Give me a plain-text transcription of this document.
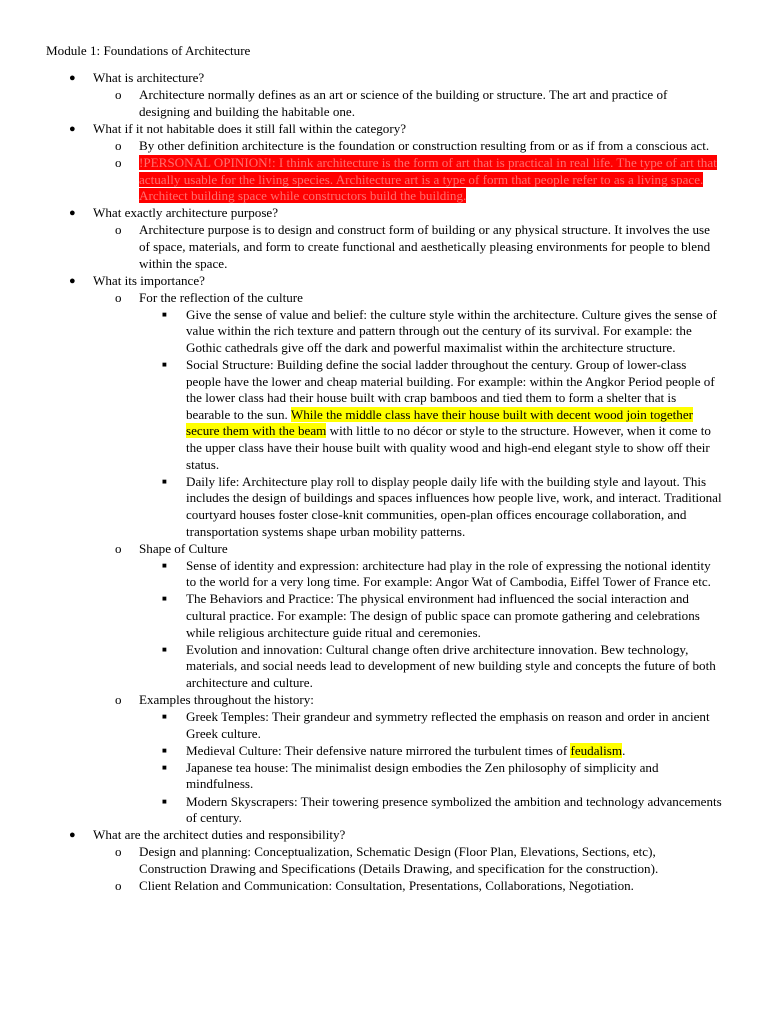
Module 1: Foundations of Architecture
● What is architecture?
o Architecture normally defines as an art or science of the building or structure. The art and practice of designing and building the habitable one.
● What if it not habitable does it still fall within the category?
o By other definition architecture is the foundation or construction resulting from or as if from a conscious act.
o !PERSONAL OPINION!: I think architecture is the form of art that is practical in real life. The type of art that actually usable for the living species. Architecture art is a type of form that people refer to as a living space. Architect building space while constructors build the building.
● What exactly architecture purpose?
o Architecture purpose is to design and construct form of building or any physical structure. It involves the use of space, materials, and form to create functional and aesthetically pleasing environments for people to blend within the space.
● What its importance?
o For the reflection of the culture
■ Give the sense of value and belief: the culture style within the architecture. Culture gives the sense of value within the rich texture and pattern through out the century of its survival. For example: the Gothic cathedrals give off the dark and powerful maximalist within the architecture structure.
■ Social Structure: Building define the social ladder throughout the century. Group of lower-class people have the lower and cheap material building. For example: within the Angkor Period people of the lower class had their house built with crap bamboos and tied them to form a shelter that is bearable to the sun. While the middle class have their house built with decent wood join together secure them with the beam with little to no décor or style to the structure. However, when it come to the upper class have their house built with quality wood and high-end elegant style to show off their status.
■ Daily life: Architecture play roll to display people daily life with the building style and layout. This includes the design of buildings and spaces influences how people live, work, and interact. Traditional courtyard houses foster close-knit communities, open-plan offices encourage collaboration, and transportation systems shape urban mobility patterns.
o Shape of Culture
■ Sense of identity and expression: architecture had play in the role of expressing the notional identity to the world for a very long time. For example: Angor Wat of Cambodia, Eiffel Tower of France etc.
■ The Behaviors and Practice: The physical environment had influenced the social interaction and cultural practice. For example: The design of public space can promote gathering and celebrations while religious architecture guide ritual and ceremonies.
■ Evolution and innovation: Cultural change often drive architecture innovation. Bew technology, materials, and social needs lead to development of new building style and concepts the future of both architecture and culture.
o Examples throughout the history:
■ Greek Temples: Their grandeur and symmetry reflected the emphasis on reason and order in ancient Greek culture.
■ Medieval Culture: Their defensive nature mirrored the turbulent times of feudalism.
■ Japanese tea house: The minimalist design embodies the Zen philosophy of simplicity and mindfulness.
■ Modern Skyscrapers: Their towering presence symbolized the ambition and technology advancements of century.
● What are the architect duties and responsibility?
o Design and planning: Conceptualization, Schematic Design (Floor Plan, Elevations, Sections, etc), Construction Drawing and Specifications (Details Drawing, and specification for the construction).
o Client Relation and Communication: Consultation, Presentations, Collaborations, Negotiation.
